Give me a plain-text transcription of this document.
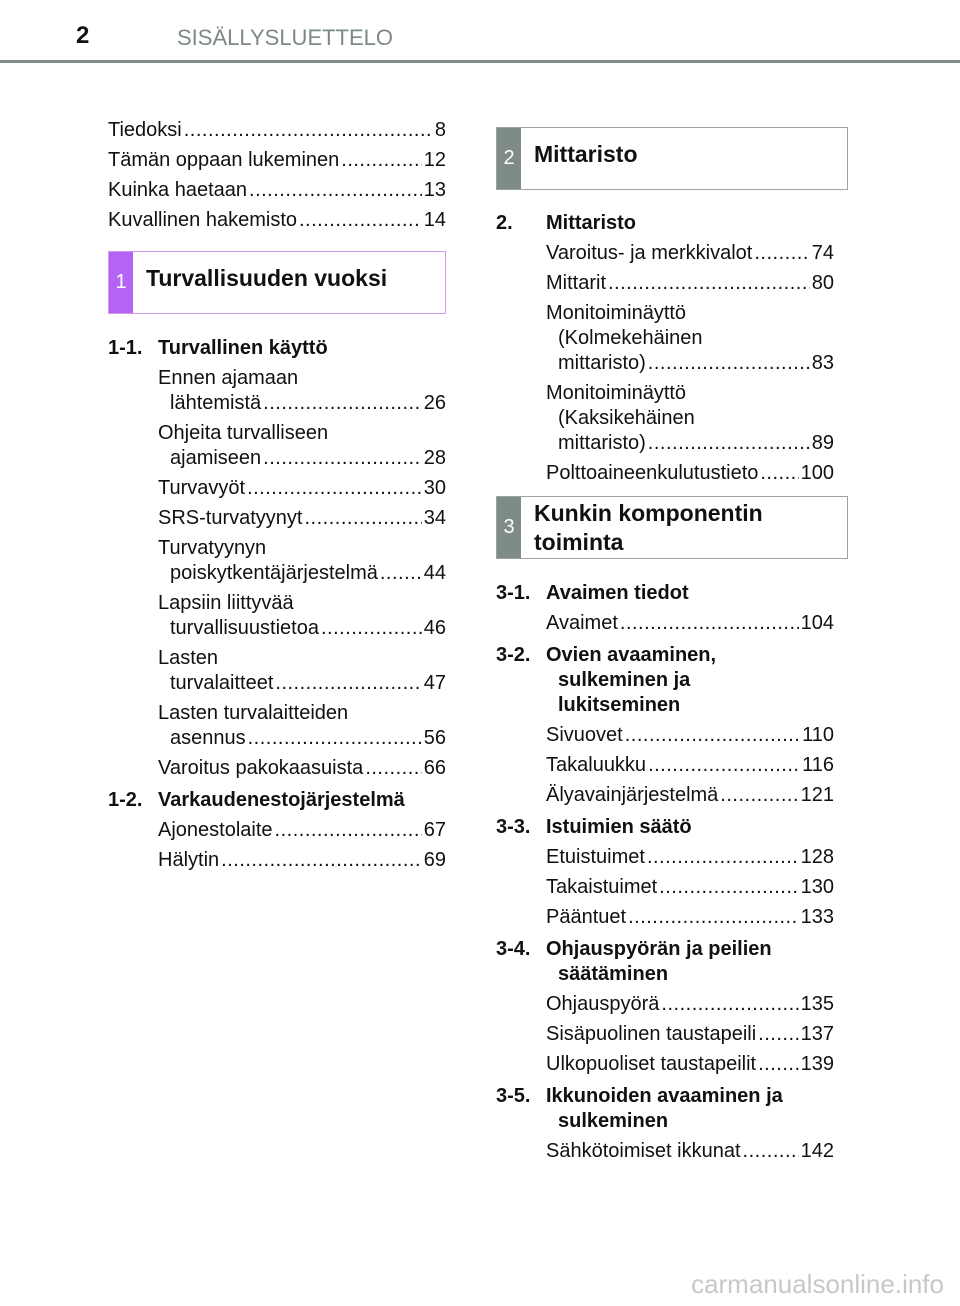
2	SISÄLLYSLUETTELO
Tiedoksi .....	8
Tämän oppaan lukeminen .....	12
Kuinka haetaan .....	13
Kuvallinen hakemisto .....	14
1 Turvallisuuden vuoksi
1-1. Turvallinen käyttö
Ennen ajamaan
lähtemistä .....	26
Ohjeita turvalliseen
ajamiseen .....	28
Turvavyöt .....	30
SRS-turvatyynyt .....	34
Turvatyynyn
poiskytkentäjärjestelmä ..... 44
Lapsiin liittyvää
turvallisuustietoa .....	46
Lasten
turvalaitteet .....	47
Lasten turvalaitteiden
asennus .....	56
Varoitus pakokaasuista .....	66
1-2. Varkaudenestojärjestelmä
Ajonestolaite .....	67
Hälytin .....	69
2 Mittaristo
2.	Mittaristo
Varoitus- ja merkkivalot .....	74
Mittarit .....	80
Monitoiminäyttö
(Kolmekehäinen
mittaristo) .....	83
Monitoiminäyttö
(Kaksikehäinen
mittaristo) .....	89
Polttoaineenkulutustieto ..... 100
3
Kunkin komponentin
toiminta
3-1. Avaimen tiedot
Avaimet .....	104
3-2. Ovien avaaminen,
sulkeminen ja
lukitseminen
Sivuovet .....	110
Takaluukku .....	116
Älyavainjärjestelmä .....	121
3-3. Istuimien säätö
Etuistuimet .....	128
Takaistuimet .....	130
Pääntuet .....	133
3-4. Ohjauspyörän ja peilien
säätäminen
Ohjauspyörä .....	135
Sisäpuolinen taustapeili ..... 137
Ulkopuoliset taustapeilit ..... 139
3-5. Ikkunoiden avaaminen ja
sulkeminen
Sähkötoimiset ikkunat .....	142
carmanualsonline.info
